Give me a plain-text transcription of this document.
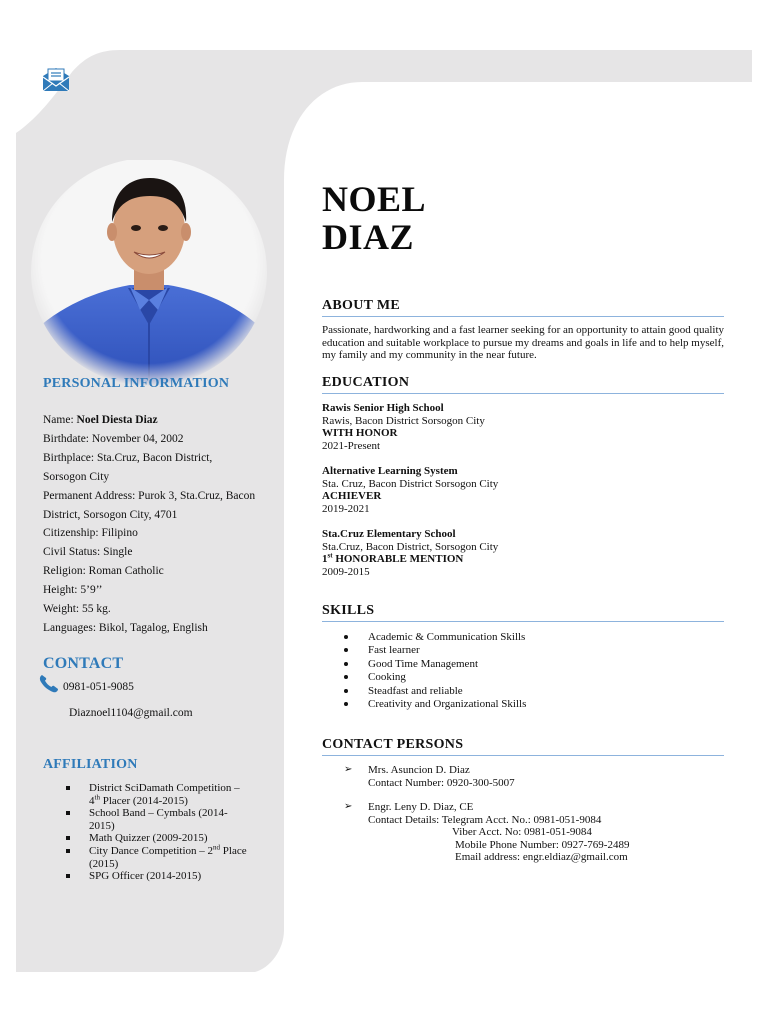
PERSONAL INFORMATION
Name: Noel Diesta Diaz
Birthdate: November 04, 2002
Birthplace: Sta.Cruz, Bacon District,
Sorsogon City
Permanent Address: Purok 3, Sta.Cruz, Bacon
District, Sorsogon City, 4701
Citizenship: Filipino
Civil Status: Single
Religion: Roman Catholic
Height: 5’9’’
Weight: 55 kg.
Languages: Bikol, Tagalog, English
CONTACT
0981-051-9085
Diaznoel1104@gmail.com
AFFILIATION
District SciDamath Competition –
4th Placer (2014-2015)
School Band – Cymbals (2014-
2015)
Math Quizzer (2009-2015)
City Dance Competition – 2nd Place
(2015)
SPG Officer (2014-2015)
NOEL
DIAZ
ABOUT ME
Passionate, hardworking and a fast learner seeking for an opportunity to attain good quality education and suitable workplace to pursue my dreams and goals in life and to help myself, my family and my community in the near future.
EDUCATION
Rawis Senior High School
Rawis, Bacon District Sorsogon City
WITH HONOR
2021-Present
Alternative Learning System
Sta. Cruz, Bacon District Sorsogon City
ACHIEVER
2019-2021
Sta.Cruz Elementary School
Sta.Cruz, Bacon District, Sorsogon City
1st HONORABLE MENTION
2009-2015
SKILLS
Academic & Communication Skills
Fast learner
Good Time Management
Cooking
Steadfast and reliable
Creativity and Organizational Skills
CONTACT PERSONS
➢	Mrs. Asuncion D. Diaz
Contact Number: 0920-300-5007
➢	Engr. Leny D. Diaz, CE
Contact Details: Telegram Acct. No.: 0981-051-9084
Viber Acct. No: 0981-051-9084
Mobile Phone Number: 0927-769-2489
Email address: engr.eldiaz@gmail.com
